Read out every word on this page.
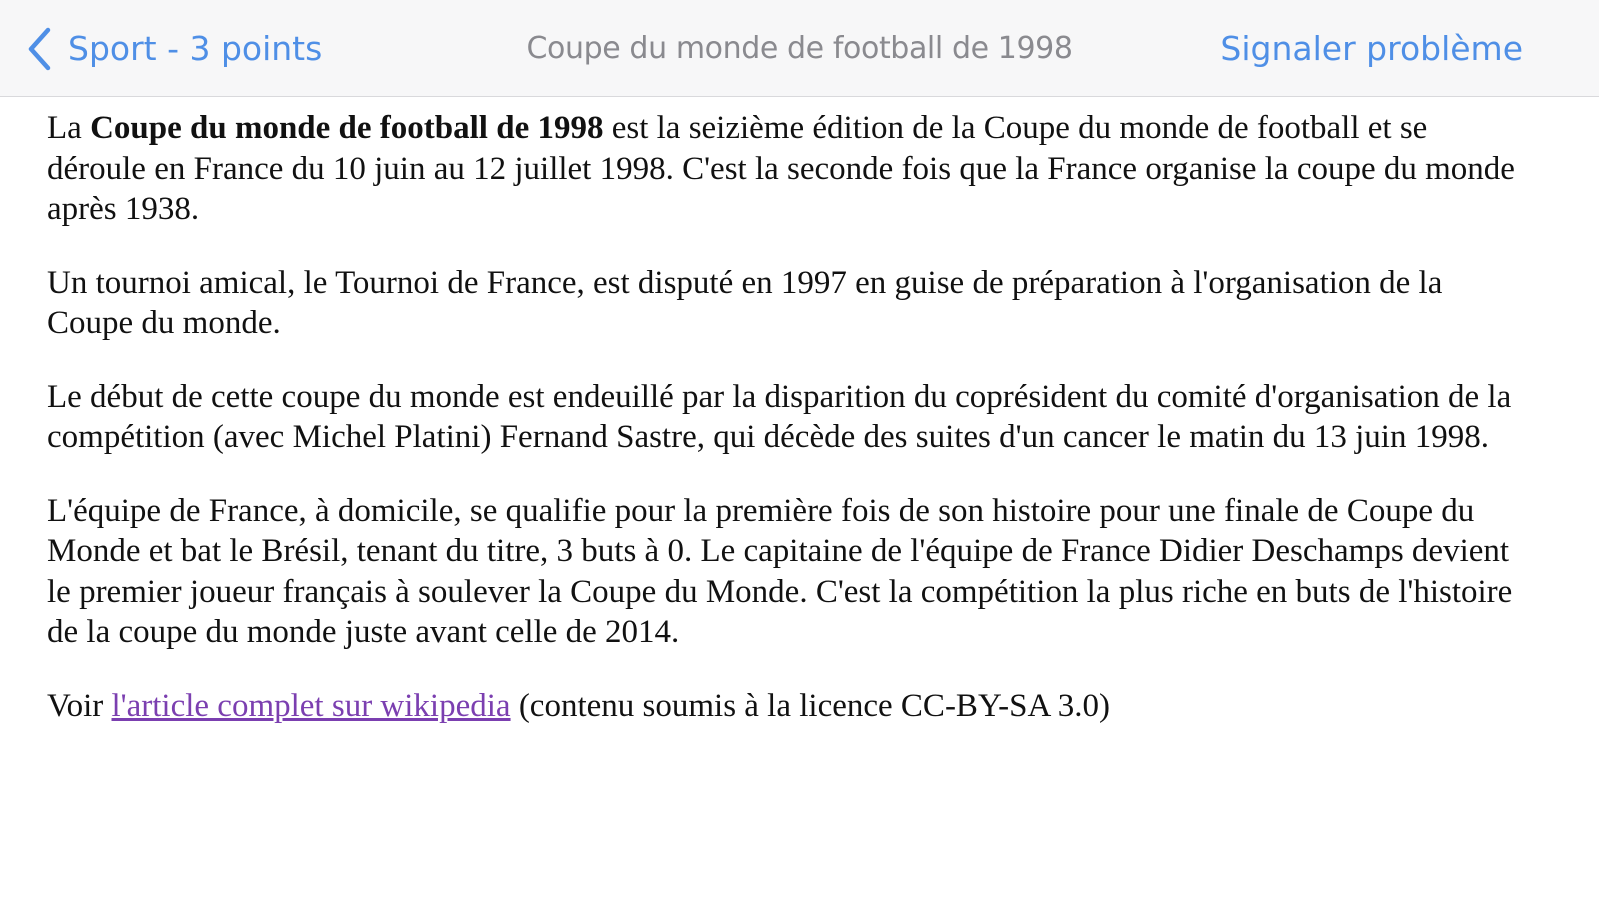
Sport - 3 points	Coupe du monde de football de 1998	Signaler problème

La Coupe du monde de football de 1998 est la seizième édition de la Coupe du monde de football et se déroule en France du 10 juin au 12 juillet 1998. C'est la seconde fois que la France organise la coupe du monde après 1938.

Un tournoi amical, le Tournoi de France, est disputé en 1997 en guise de préparation à l'organisation de la Coupe du monde.

Le début de cette coupe du monde est endeuillé par la disparition du coprésident du comité d'organisation de la compétition (avec Michel Platini) Fernand Sastre, qui décède des suites d'un cancer le matin du 13 juin 1998.

L'équipe de France, à domicile, se qualifie pour la première fois de son histoire pour une finale de Coupe du Monde et bat le Brésil, tenant du titre, 3 buts à 0. Le capitaine de l'équipe de France Didier Deschamps devient le premier joueur français à soulever la Coupe du Monde. C'est la compétition la plus riche en buts de l'histoire de la coupe du monde juste avant celle de 2014.

Voir l'article complet sur wikipedia (contenu soumis à la licence CC-BY-SA 3.0)
